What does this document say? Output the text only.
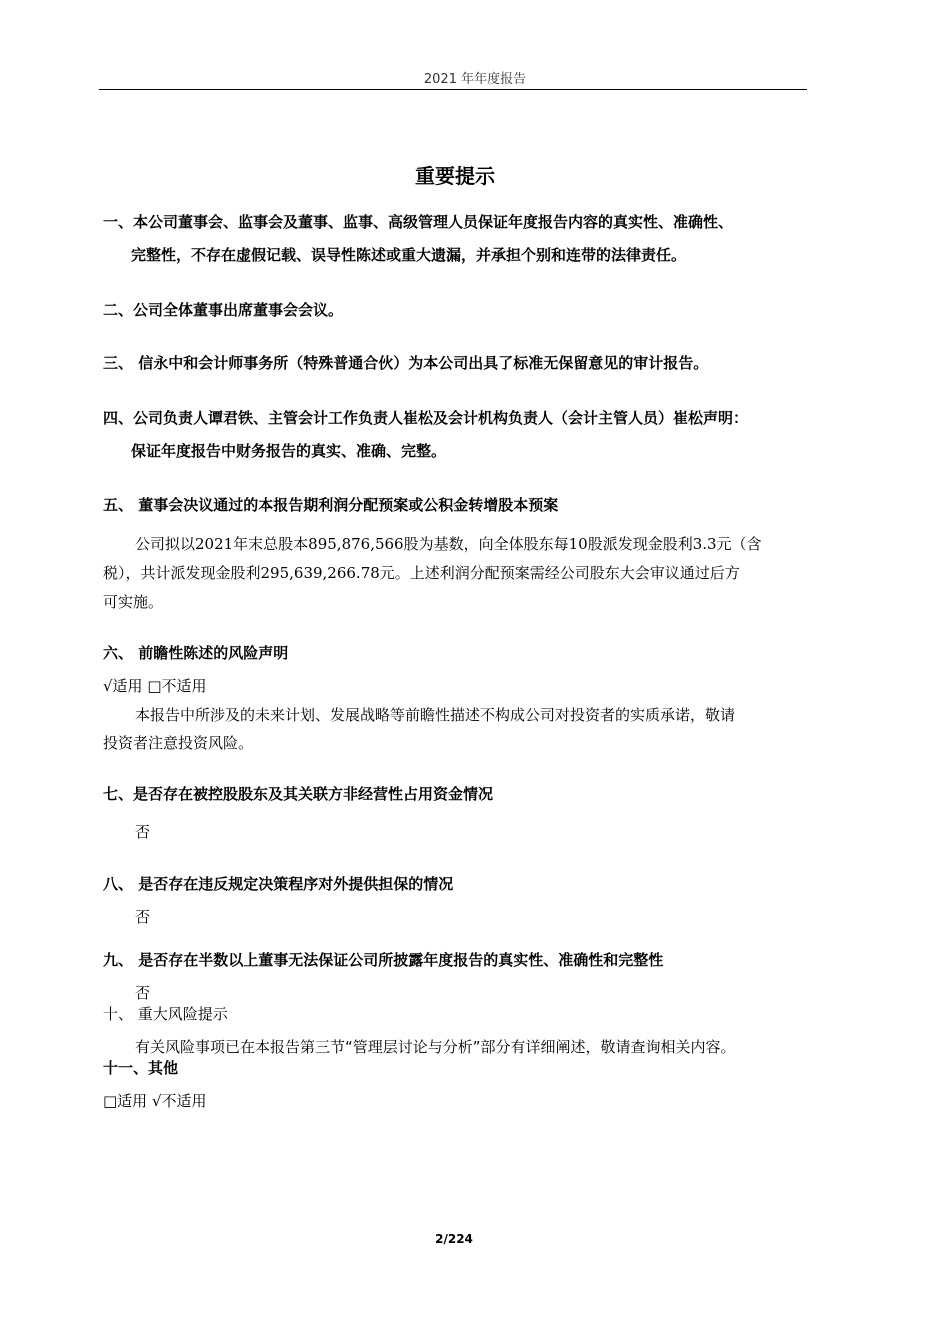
2021 年年度报告
重要提示
一、本公司董事会、监事会及董事、监事、高级管理人员保证年度报告内容的真实性、准确性、
完整性，不存在虚假记载、误导性陈述或重大遗漏，并承担个别和连带的法律责任。
二、公司全体董事出席董事会会议。
三、 信永中和会计师事务所（特殊普通合伙）为本公司出具了标准无保留意见的审计报告。
四、公司负责人谭君铁、主管会计工作负责人崔松及会计机构负责人（会计主管人员）崔松声明：
保证年度报告中财务报告的真实、准确、完整。
五、 董事会决议通过的本报告期利润分配预案或公积金转增股本预案
公司拟以2021年末总股本895,876,566股为基数，向全体股东每10股派发现金股利3.3元（含
税），共计派发现金股利295,639,266.78元。上述利润分配预案需经公司股东大会审议通过后方
可实施。
六、 前瞻性陈述的风险声明
√适用 □不适用
本报告中所涉及的未来计划、发展战略等前瞻性描述不构成公司对投资者的实质承诺，敬请
投资者注意投资风险。
七、是否存在被控股股东及其关联方非经营性占用资金情况
否
八、 是否存在违反规定决策程序对外提供担保的情况
否
九、 是否存在半数以上董事无法保证公司所披露年度报告的真实性、准确性和完整性
否
十、 重大风险提示
有关风险事项已在本报告第三节“管理层讨论与分析”部分有详细阐述，敬请查询相关内容。
十一、其他
□适用 √不适用
2/224
